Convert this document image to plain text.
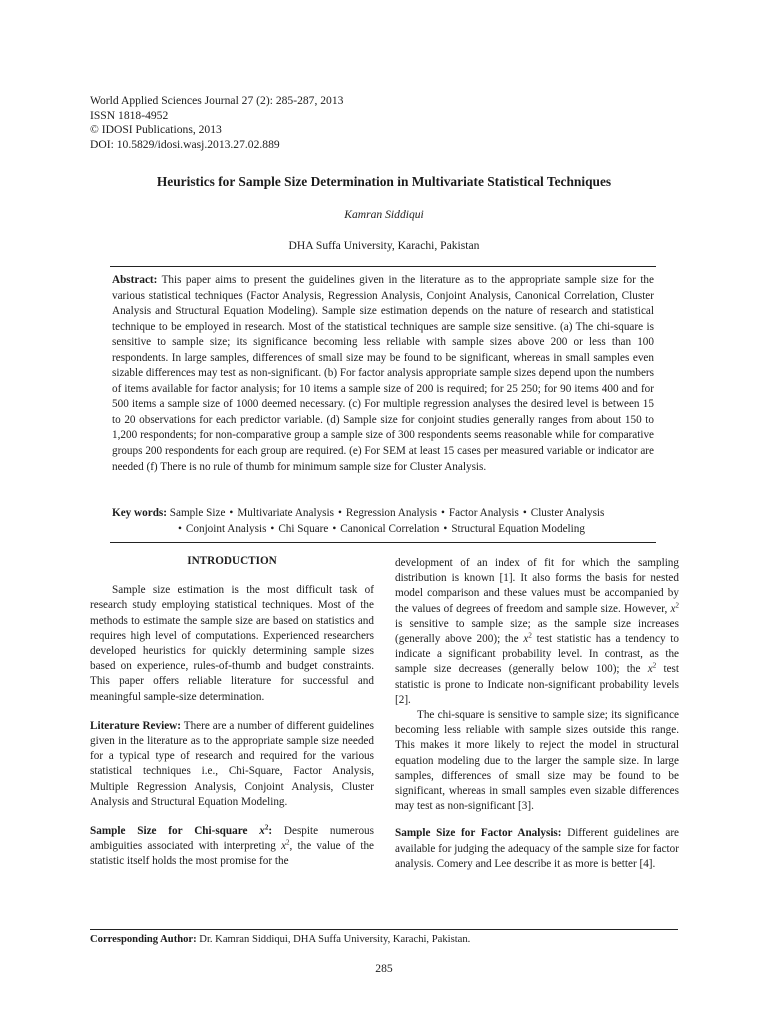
World Applied Sciences Journal 27 (2): 285-287, 2013
ISSN 1818-4952
© IDOSI Publications, 2013
DOI: 10.5829/idosi.wasj.2013.27.02.889
Heuristics for Sample Size Determination in Multivariate Statistical Techniques
Kamran Siddiqui
DHA Suffa University, Karachi, Pakistan
Abstract: This paper aims to present the guidelines given in the literature as to the appropriate sample size for the various statistical techniques (Factor Analysis, Regression Analysis, Conjoint Analysis, Canonical Correlation, Cluster Analysis and Structural Equation Modeling). Sample size estimation depends on the nature of research and statistical technique to be employed in research. Most of the statistical techniques are sample size sensitive. (a) The chi-square is sensitive to sample size; its significance becoming less reliable with sample sizes above 200 or less than 100 respondents. In large samples, differences of small size may be found to be significant, whereas in small samples even sizable differences may test as non-significant. (b) For factor analysis appropriate sample sizes depend upon the numbers of items available for factor analysis; for 10 items a sample size of 200 is required; for 25 250; for 90 items 400 and for 500 items a sample size of 1000 deemed necessary. (c) For multiple regression analyses the desired level is between 15 to 20 observations for each predictor variable. (d) Sample size for conjoint studies generally ranges from about 150 to 1,200 respondents; for non-comparative group a sample size of 300 respondents seems reasonable while for comparative groups 200 respondents for each group are required. (e) For SEM at least 15 cases per measured variable or indicator are needed (f) There is no rule of thumb for minimum sample size for Cluster Analysis.
Key words: Sample Size • Multivariate Analysis • Regression Analysis • Factor Analysis • Cluster Analysis
• Conjoint Analysis • Chi Square • Canonical Correlation • Structural Equation Modeling

INTRODUCTION

Sample size estimation is the most difficult task of research study employing statistical techniques. Most of the methods to estimate the sample size are based on statistics and requires high level of computations. Experienced researchers developed heuristics for quickly determining sample sizes based on experience, rules-of-thumb and budget constraints. This paper offers reliable literature for successful and meaningful sample-size determination.

Literature Review: There are a number of different guidelines given in the literature as to the appropriate sample size needed for a typical type of research and required for the various statistical techniques i.e., Chi-Square, Factor Analysis, Multiple Regression Analysis, Conjoint Analysis, Cluster Analysis and Structural Equation Modeling.

Sample Size for Chi-square $x^2$: Despite numerous ambiguities associated with interpreting $x^2$, the value of the statistic itself holds the most promise for the

development of an index of fit for which the sampling distribution is known [1]. It also forms the basis for nested model comparison and these values must be accompanied by the values of degrees of freedom and sample size. However, $x^2$ is sensitive to sample size; as the sample size increases (generally above 200); the $x^2$ test statistic has a tendency to indicate a significant probability level. In contrast, as the sample size decreases (generally below 100); the $x^2$ test statistic is prone to Indicate non-significant probability levels [2].

The chi-square is sensitive to sample size; its significance becoming less reliable with sample sizes outside this range. This makes it more likely to reject the model in structural equation modeling due to the larger the sample size. In large samples, differences of small size may be found to be significant, whereas in small samples even sizable differences may test as non-significant [3].

Sample Size for Factor Analysis: Different guidelines are available for judging the adequacy of the sample size for factor analysis. Comery and Lee describe it as more is better [4].

Corresponding Author: Dr. Kamran Siddiqui, DHA Suffa University, Karachi, Pakistan.
285
